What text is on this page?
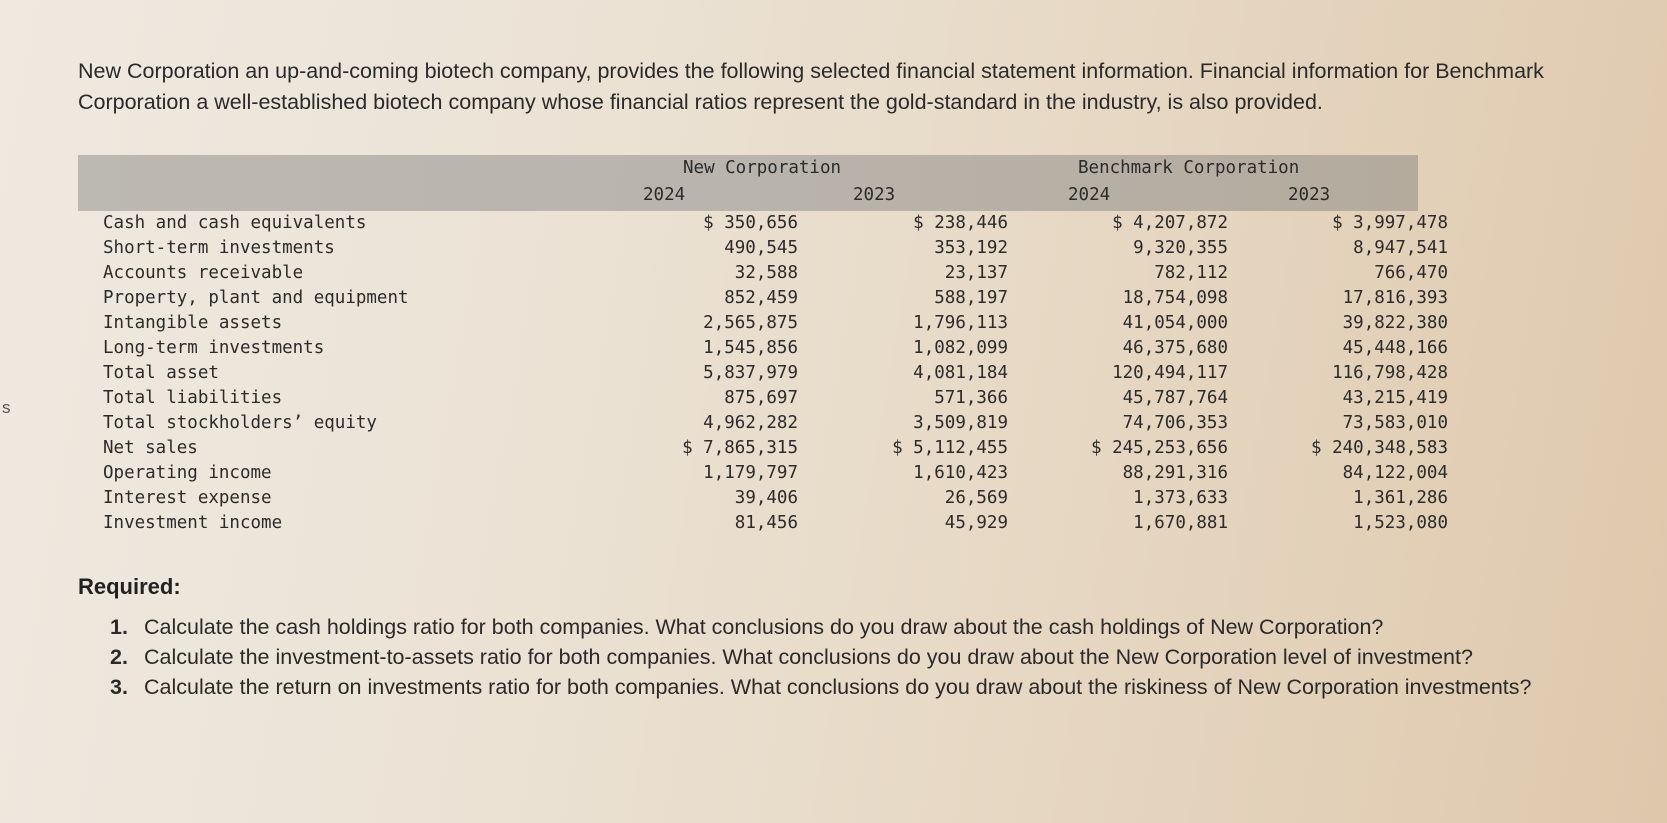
s

New Corporation an up-and-coming biotech company, provides the following selected financial statement information. Financial information for Benchmark Corporation a well-established biotech company whose financial ratios represent the gold-standard in the industry, is also provided.

New Corporation	Benchmark Corporation
2024	2023	2024	2023
Cash and cash equivalents	$ 350,656	$ 238,446	$ 4,207,872	$ 3,997,478
Short-term investments	490,545	353,192	9,320,355	8,947,541
Accounts receivable	32,588	23,137	782,112	766,470
Property, plant and equipment	852,459	588,197	18,754,098	17,816,393
Intangible assets	2,565,875	1,796,113	41,054,000	39,822,380
Long-term investments	1,545,856	1,082,099	46,375,680	45,448,166
Total asset	5,837,979	4,081,184	120,494,117	116,798,428
Total liabilities	875,697	571,366	45,787,764	43,215,419
Total stockholders’ equity	4,962,282	3,509,819	74,706,353	73,583,010
Net sales	$ 7,865,315	$ 5,112,455	$ 245,253,656	$ 240,348,583
Operating income	1,179,797	1,610,423	88,291,316	84,122,004
Interest expense	39,406	26,569	1,373,633	1,361,286
Investment income	81,456	45,929	1,670,881	1,523,080
Required:
1. Calculate the cash holdings ratio for both companies. What conclusions do you draw about the cash holdings of New Corporation?
2. Calculate the investment-to-assets ratio for both companies. What conclusions do you draw about the New Corporation level of investment?
3. Calculate the return on investments ratio for both companies. What conclusions do you draw about the riskiness of New Corporation investments?
